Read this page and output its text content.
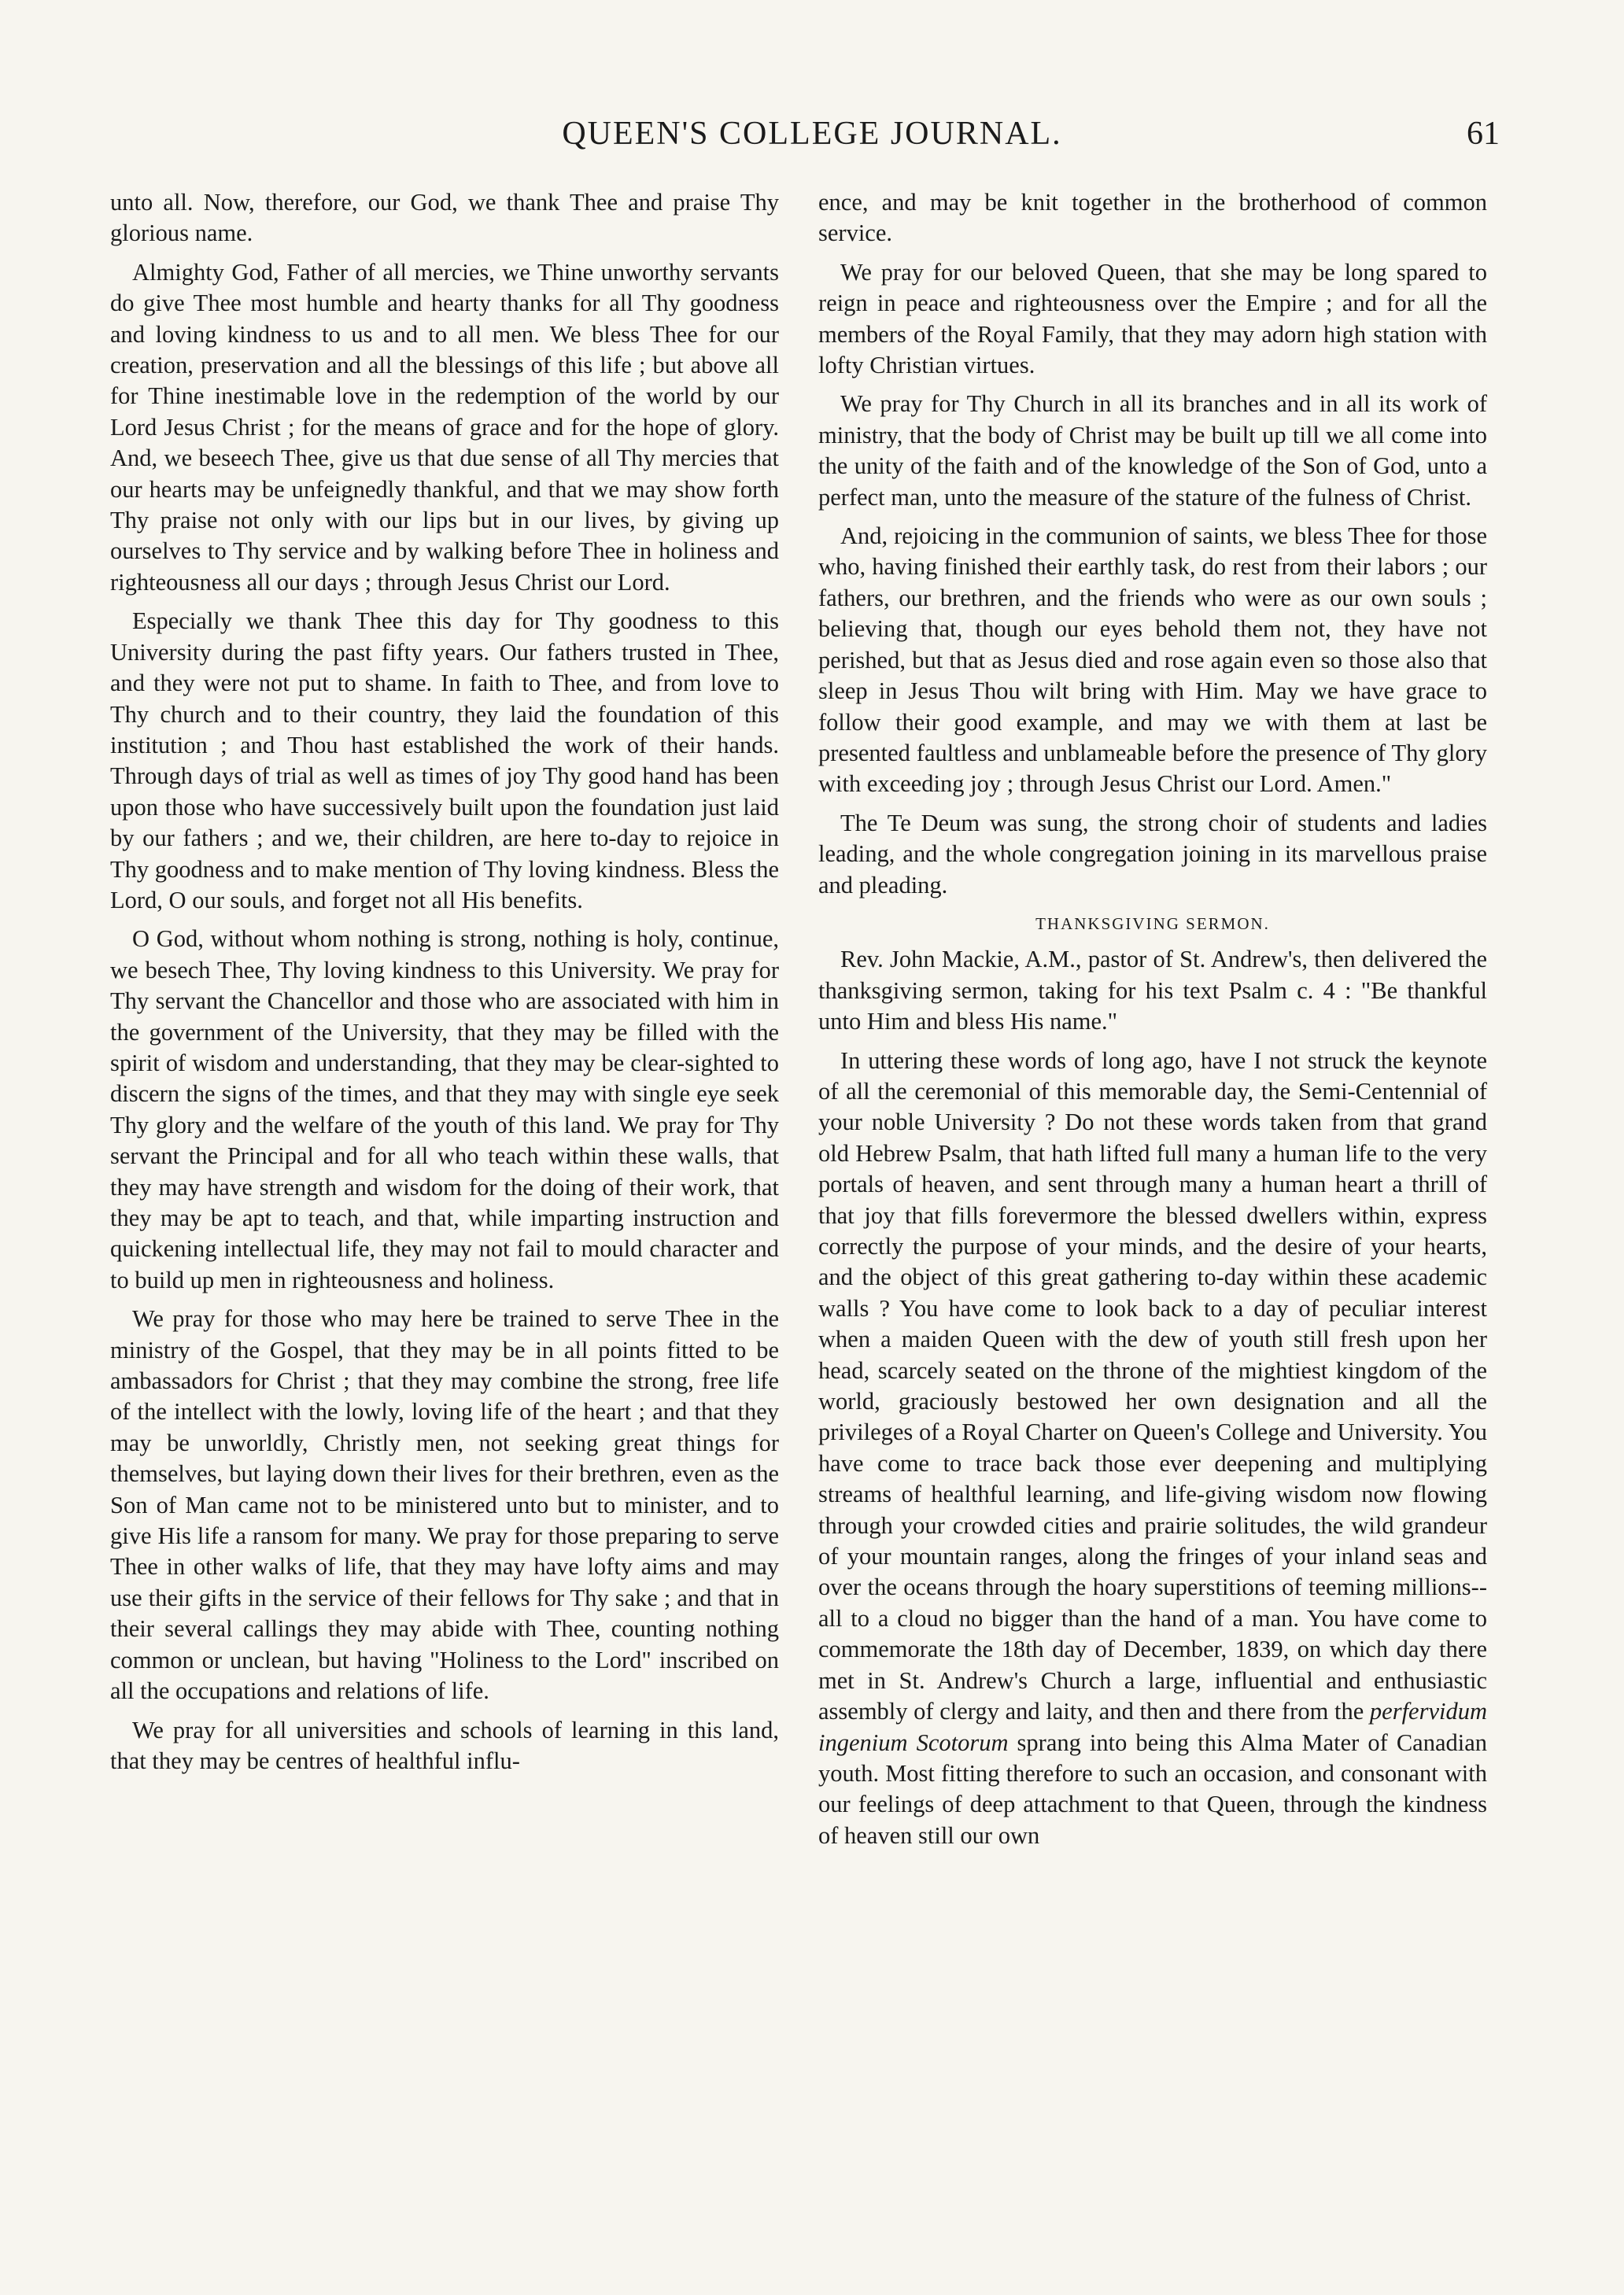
QUEEN'S COLLEGE JOURNAL.	61

unto all. Now, therefore, our God, we thank Thee and praise Thy glorious name.

Almighty God, Father of all mercies, we Thine unworthy servants do give Thee most humble and hearty thanks for all Thy goodness and loving kindness to us and to all men. We bless Thee for our creation, preservation and all the blessings of this life ; but above all for Thine inestimable love in the redemption of the world by our Lord Jesus Christ ; for the means of grace and for the hope of glory. And, we beseech Thee, give us that due sense of all Thy mercies that our hearts may be unfeignedly thankful, and that we may show forth Thy praise not only with our lips but in our lives, by giving up ourselves to Thy service and by walking before Thee in holiness and righteousness all our days ; through Jesus Christ our Lord.

Especially we thank Thee this day for Thy goodness to this University during the past fifty years. Our fathers trusted in Thee, and they were not put to shame. In faith to Thee, and from love to Thy church and to their country, they laid the foundation of this institution ; and Thou hast established the work of their hands. Through days of trial as well as times of joy Thy good hand has been upon those who have successively built upon the foundation just laid by our fathers ; and we, their children, are here to-day to rejoice in Thy goodness and to make mention of Thy loving kindness. Bless the Lord, O our souls, and forget not all His benefits.

O God, without whom nothing is strong, nothing is holy, continue, we besech Thee, Thy loving kindness to this University. We pray for Thy servant the Chancellor and those who are associated with him in the government of the University, that they may be filled with the spirit of wisdom and understanding, that they may be clear-sighted to discern the signs of the times, and that they may with single eye seek Thy glory and the welfare of the youth of this land. We pray for Thy servant the Principal and for all who teach within these walls, that they may have strength and wisdom for the doing of their work, that they may be apt to teach, and that, while imparting instruction and quickening intellectual life, they may not fail to mould character and to build up men in righteousness and holiness.

We pray for those who may here be trained to serve Thee in the ministry of the Gospel, that they may be in all points fitted to be ambassadors for Christ ; that they may combine the strong, free life of the intellect with the lowly, loving life of the heart ; and that they may be unworldly, Christly men, not seeking great things for themselves, but laying down their lives for their brethren, even as the Son of Man came not to be ministered unto but to minister, and to give His life a ransom for many. We pray for those preparing to serve Thee in other walks of life, that they may have lofty aims and may use their gifts in the service of their fellows for Thy sake ; and that in their several callings they may abide with Thee, counting nothing common or unclean, but having "Holiness to the Lord" inscribed on all the occupations and relations of life.

We pray for all universities and schools of learning in this land, that they may be centres of healthful influ-

ence, and may be knit together in the brotherhood of common service.

We pray for our beloved Queen, that she may be long spared to reign in peace and righteousness over the Empire ; and for all the members of the Royal Family, that they may adorn high station with lofty Christian virtues.

We pray for Thy Church in all its branches and in all its work of ministry, that the body of Christ may be built up till we all come into the unity of the faith and of the knowledge of the Son of God, unto a perfect man, unto the measure of the stature of the fulness of Christ.

And, rejoicing in the communion of saints, we bless Thee for those who, having finished their earthly task, do rest from their labors ; our fathers, our brethren, and the friends who were as our own souls ; believing that, though our eyes behold them not, they have not perished, but that as Jesus died and rose again even so those also that sleep in Jesus Thou wilt bring with Him. May we have grace to follow their good example, and may we with them at last be presented faultless and unblameable before the presence of Thy glory with exceeding joy ; through Jesus Christ our Lord. Amen."

The Te Deum was sung, the strong choir of students and ladies leading, and the whole congregation joining in its marvellous praise and pleading.

THANKSGIVING SERMON.

Rev. John Mackie, A.M., pastor of St. Andrew's, then delivered the thanksgiving sermon, taking for his text Psalm c. 4 : "Be thankful unto Him and bless His name."

In uttering these words of long ago, have I not struck the keynote of all the ceremonial of this memorable day, the Semi-Centennial of your noble University ? Do not these words taken from that grand old Hebrew Psalm, that hath lifted full many a human life to the very portals of heaven, and sent through many a human heart a thrill of that joy that fills forevermore the blessed dwellers within, express correctly the purpose of your minds, and the desire of your hearts, and the object of this great gathering to-day within these academic walls ? You have come to look back to a day of peculiar interest when a maiden Queen with the dew of youth still fresh upon her head, scarcely seated on the throne of the mightiest kingdom of the world, graciously bestowed her own designation and all the privileges of a Royal Charter on Queen's College and University. You have come to trace back those ever deepening and multiplying streams of healthful learning, and life-giving wisdom now flowing through your crowded cities and prairie solitudes, the wild grandeur of your mountain ranges, along the fringes of your inland seas and over the oceans through the hoary superstitions of teeming millions--all to a cloud no bigger than the hand of a man. You have come to commemorate the 18th day of December, 1839, on which day there met in St. Andrew's Church a large, influential and enthusiastic assembly of clergy and laity, and then and there from the perfervidum ingenium Scotorum sprang into being this Alma Mater of Canadian youth. Most fitting therefore to such an occasion, and consonant with our feelings of deep attachment to that Queen, through the kindness of heaven still our own
